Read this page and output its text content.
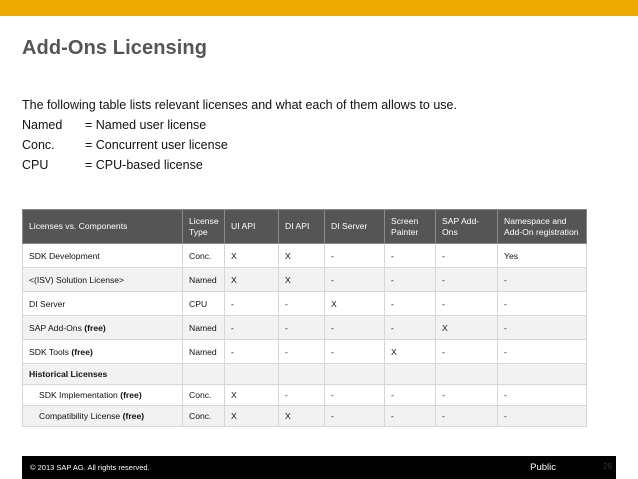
Add-Ons Licensing
The following table lists relevant licenses and what each of them allows to use.
Named = Named user license
Conc. = Concurrent user license
CPU	= CPU-based license
Licenses vs. Components	License Type	UI API	DI API	DI Server	Screen Painter	SAP Add-Ons	Namespace and Add-On registration
SDK Development	Conc.	X	X	-	-	-	Yes
<(ISV) Solution License>	Named	X	X	-	-	-	-
DI Server	CPU	-	-	X	-	-	-
SAP Add-Ons (free)	Named	-	-	-	-	X	-
SDK Tools (free)	Named	-	-	-	X	-	-
Historical Licenses							
SDK Implementation (free)	Conc.	X	-	-	-	-	-
Compatibility License (free)	Conc.	X	X	-	-	-	-
© 2013 SAP AG. All rights reserved.	Public	29
